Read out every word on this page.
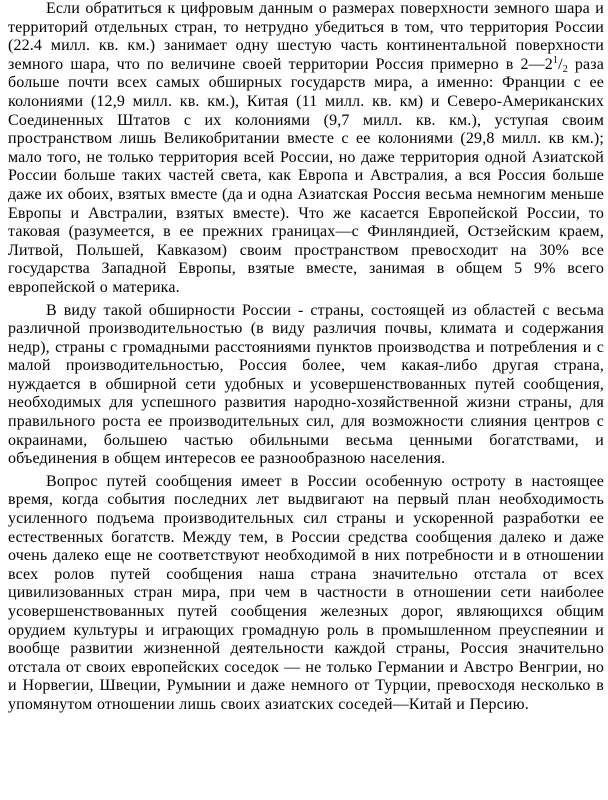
Если обратиться к цифровым данным о размерах поверхности земного шара и территорий отдельных стран, то нетрудно убедиться в том, что территория России (22.4 милл. кв. км.) занимает одну шестую часть континентальной поверхности земного шара, что по величине своей территории Россия примерно в $2—2^1/_2$ раза больше почти всех самых обширных государств мира, а именно: Франции с ее колониями (12,9 милл. кв. км.), Китая (11 милл. кв. км) и Северо-Американских Соединенных Штатов с их колониями (9,7 милл. кв. км.), уступая своим пространством лишь Великобритании вместе с ее колониями (29,8 милл. кв км.); мало того, не только территория всей России, но даже территория одной Азиатской России больше таких частей света, как Европа и Австралия, а вся Россия больше даже их обоих, взятых вместе (да и одна Азиатская Россия весьма немногим меньше Европы и Австралии, взятых вместе). Что же касается Европейской России, то таковая (разумеется, в ее прежних границах—с Финляндией, Остзейским краем, Литвой, Польшей, Кавказом) своим пространством превосходит на 30% все государства Западной Европы, взятые вместе, занимая в общем 5 9% всего европейской о материка.

В виду такой обширности России - страны, состоящей из областей с весьма различной производительностью (в виду различия почвы, климата и содержания недр), страны с громадными расстояниями пунктов производства и потребления и с малой производительностью, Россия более, чем какая-либо другая страна, нуждается в обширной сети удобных и усовершенствованных путей сообщения, необходимых для успешного развития народно-хозяйственной жизни страны, для правильного роста ее производительных сил, для возможности слияния центров с окраинами, большею частью обильными весьма ценными богатствами, и объединения в общем интересов ее разнообразною населения.

Вопрос путей сообщения имеет в России особенную остроту в настоящее время, когда события последних лет выдвигают на первый план необходимость усиленного подъема производительных сил страны и ускоренной разработки ее естественных богатств. Между тем, в России средства сообщения далеко и даже очень далеко еще не соответствуют необходимой в них потребности и в отношении всех ролов путей сообщения наша страна значительно отстала от всех цивилизованных стран мира, при чем в частности в отношении сети наиболее усовершенствованных путей сообщения железных дорог, являющихся общим орудием культуры и играющих громадную роль в промышленном преуспеянии и вообще развитии жизненной деятельности каждой страны, Россия значительно отстала от своих европейских соседок — не только Германии и Австро Венгрии, но и Норвегии, Швеции, Румынии и даже немного от Турции, превосходя несколько в упомянутом отношении лишь своих азиатских соседей—Китай и Персию.
